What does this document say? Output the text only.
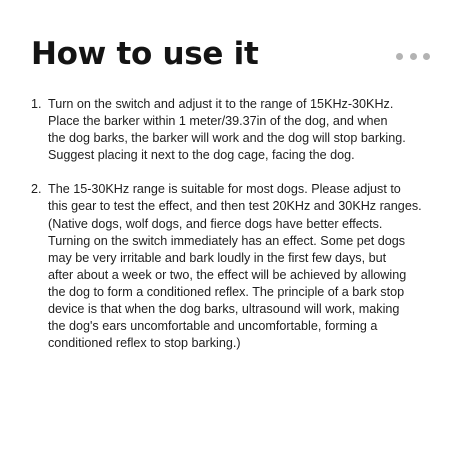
How to use it
1. Turn on the switch and adjust it to the range of 15KHz-30KHz.
Place the barker within 1 meter/39.37in of the dog, and when
the dog barks, the barker will work and the dog will stop barking.
Suggest placing it next to the dog cage, facing the dog.
2. The 15-30KHz range is suitable for most dogs. Please adjust to
this gear to test the effect, and then test 20KHz and 30KHz ranges.
(Native dogs, wolf dogs, and fierce dogs have better effects.
Turning on the switch immediately has an effect. Some pet dogs
may be very irritable and bark loudly in the first few days, but
after about a week or two, the effect will be achieved by allowing
the dog to form a conditioned reflex. The principle of a bark stop
device is that when the dog barks, ultrasound will work, making
the dog's ears uncomfortable and uncomfortable, forming a
conditioned reflex to stop barking.)
